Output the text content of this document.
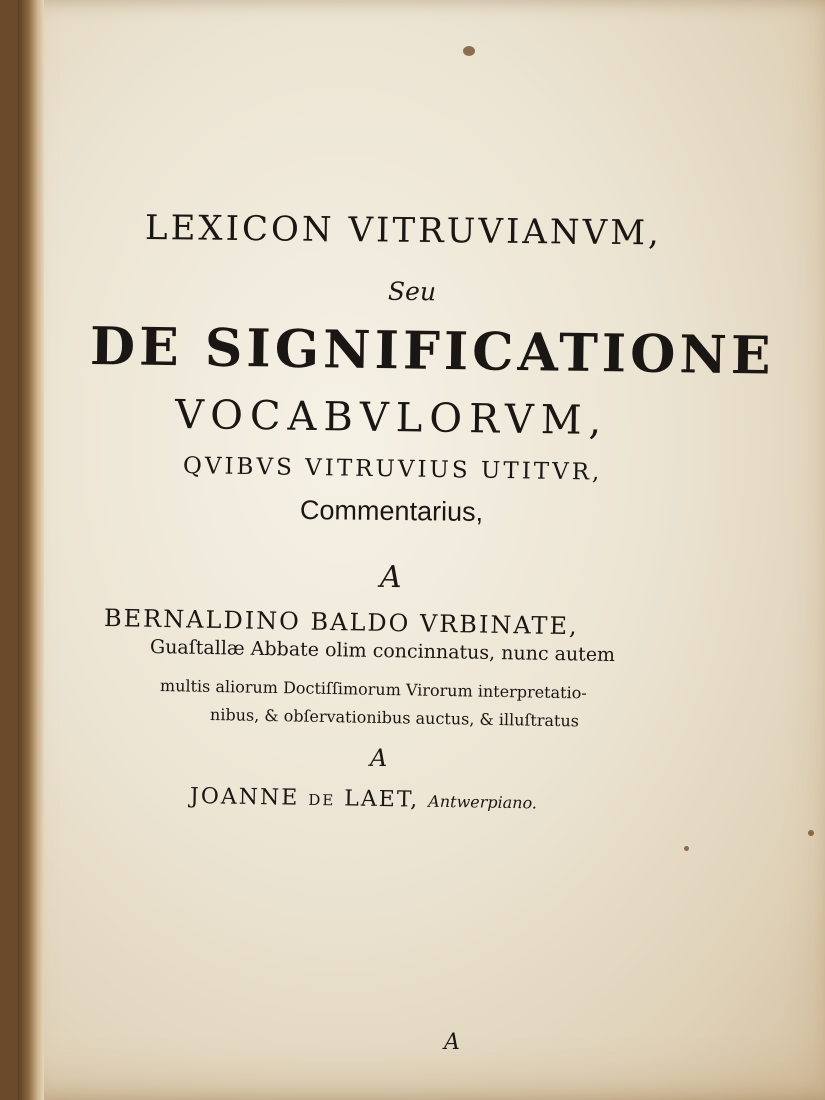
LEXICON VITRUVIANVM,

Seu

DE SIGNIFICATIONE

VOCABVLORVM,

QVIBVS VITRUVIUS UTITVR,

Commentarius,

A

BERNALDINO BALDO VRBINATE,

Guaſtallæ Abbate olim concinnatus, nunc autem

multis aliorum Doctiſſimorum Virorum interpretatio-

nibus, & obſervationibus auctus, & illuſtratus

A

JOANNE DE LAET, Antwerpiano.

A
